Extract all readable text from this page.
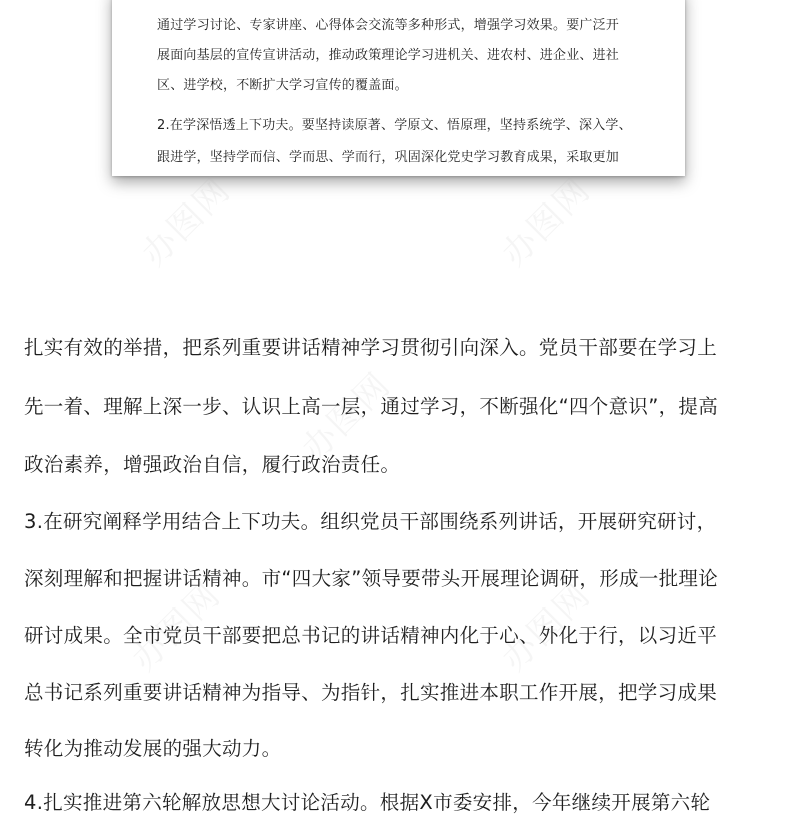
通过学习讨论、专家讲座、心得体会交流等多种形式，增强学习效果。要广泛开
展面向基层的宣传宣讲活动，推动政策理论学习进机关、进农村、进企业、进社
区、进学校，不断扩大学习宣传的覆盖面。
2.在学深悟透上下功夫。要坚持读原著、学原文、悟原理，坚持系统学、深入学、
跟进学，坚持学而信、学而思、学而行，巩固深化党史学习教育成果，采取更加
办图网	办图网
办图网
办图网	办图网
扎实有效的举措，把系列重要讲话精神学习贯彻引向深入。党员干部要在学习上
先一着、理解上深一步、认识上高一层，通过学习，不断强化“四个意识”，提高
政治素养，增强政治自信，履行政治责任。
3.在研究阐释学用结合上下功夫。组织党员干部围绕系列讲话，开展研究研讨，
深刻理解和把握讲话精神。市“四大家”领导要带头开展理论调研，形成一批理论
研讨成果。全市党员干部要把总书记的讲话精神内化于心、外化于行，以习近平
总书记系列重要讲话精神为指导、为指针，扎实推进本职工作开展，把学习成果
转化为推动发展的强大动力。
4.扎实推进第六轮解放思想大讨论活动。根据X市委安排，今年继续开展第六轮
